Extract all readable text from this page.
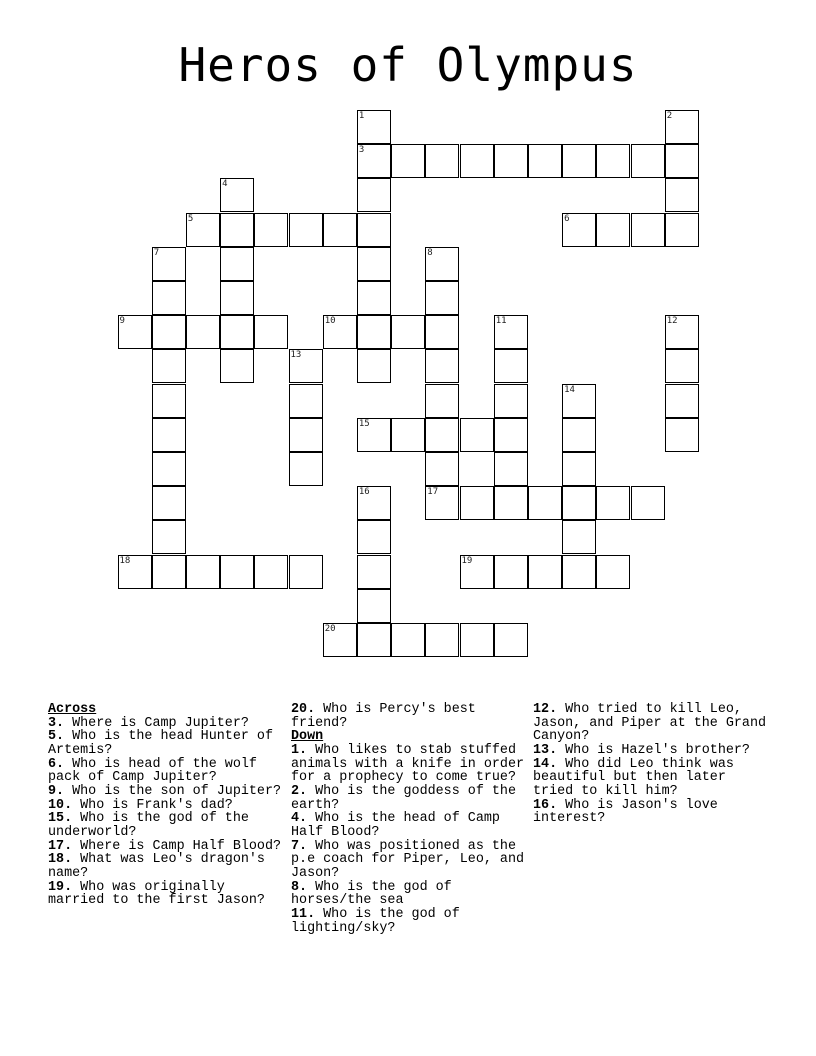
Heros of Olympus
1
3
2
4
5	6
7	8
9	10	11	12
13
14
15
16	17
18	19
20
Across
3. Where is Camp Jupiter?
5. Who is the head Hunter of Artemis?
6. Who is head of the wolf pack of Camp Jupiter?
9. Who is the son of Jupiter?
10. Who is Frank's dad?
15. Who is the god of the underworld?
17. Where is Camp Half Blood?
18. What was Leo's dragon's name?
19. Who was originally married to the first Jason?
20. Who is Percy's best friend?
Down
1. Who likes to stab stuffed animals with a knife in order for a prophecy to come true?
2. Who is the goddess of the earth?
4. Who is the head of Camp Half Blood?
7. Who was positioned as the p.e coach for Piper, Leo, and Jason?
8. Who is the god of horses/the sea
11. Who is the god of lighting/sky?
12. Who tried to kill Leo, Jason, and Piper at the Grand Canyon?
13. Who is Hazel's brother?
14. Who did Leo think was beautiful but then later tried to kill him?
16. Who is Jason's love interest?
